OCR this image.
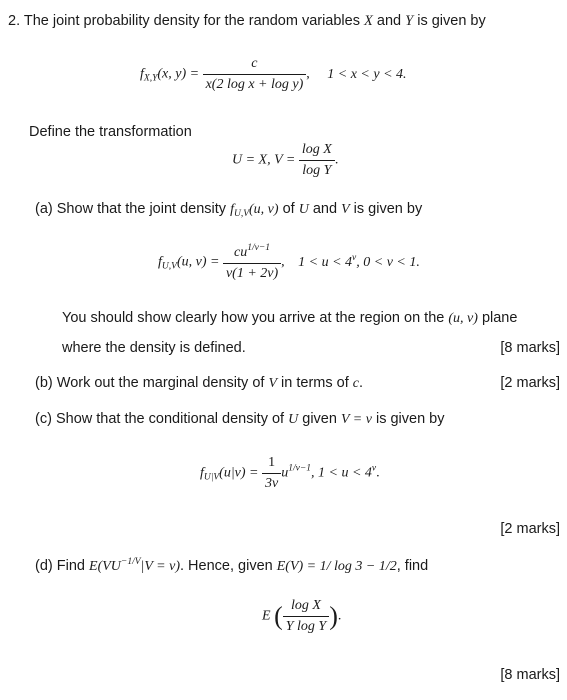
2. The joint probability density for the random variables X and Y is given by
$f_{X,Y}(x$, $y) = \frac{c}{\text{x(2 log x + log y)}}$ , 1 < x < y < 4.
Define the transformation
U = X, $V = \frac{\text{log X}}{\text{log Y}}$ .
(a) Show that the joint density $f_{U,V}(u$, v) of U and V is given by
$f_{U,V}(u$, $v) = \frac{cu^{1/v-1}}{v(1 + 2v)}$ , $1 < u < 4^v$, 0 < v < 1.
You should show clearly how you arrive at the region on the (u, v) plane
where the density is defined.	[8 marks]
(b) Work out the marginal density of V in terms of c.	[2 marks]
(c) Show that the conditional density of U given V = v is given by
$f_{U|V}(u|v) = \frac{1}{3v} u^{1/v-1}$, $1 < u < 4^v$.
[2 marks]
(d) Find $E(VU^{-1/V}|V = v)$. Hence, given E(V) = 1/ log 3 − 1/2, find
E ( $\frac{\text{log X}}{\text{Y log Y}}$ ).
[8 marks]
